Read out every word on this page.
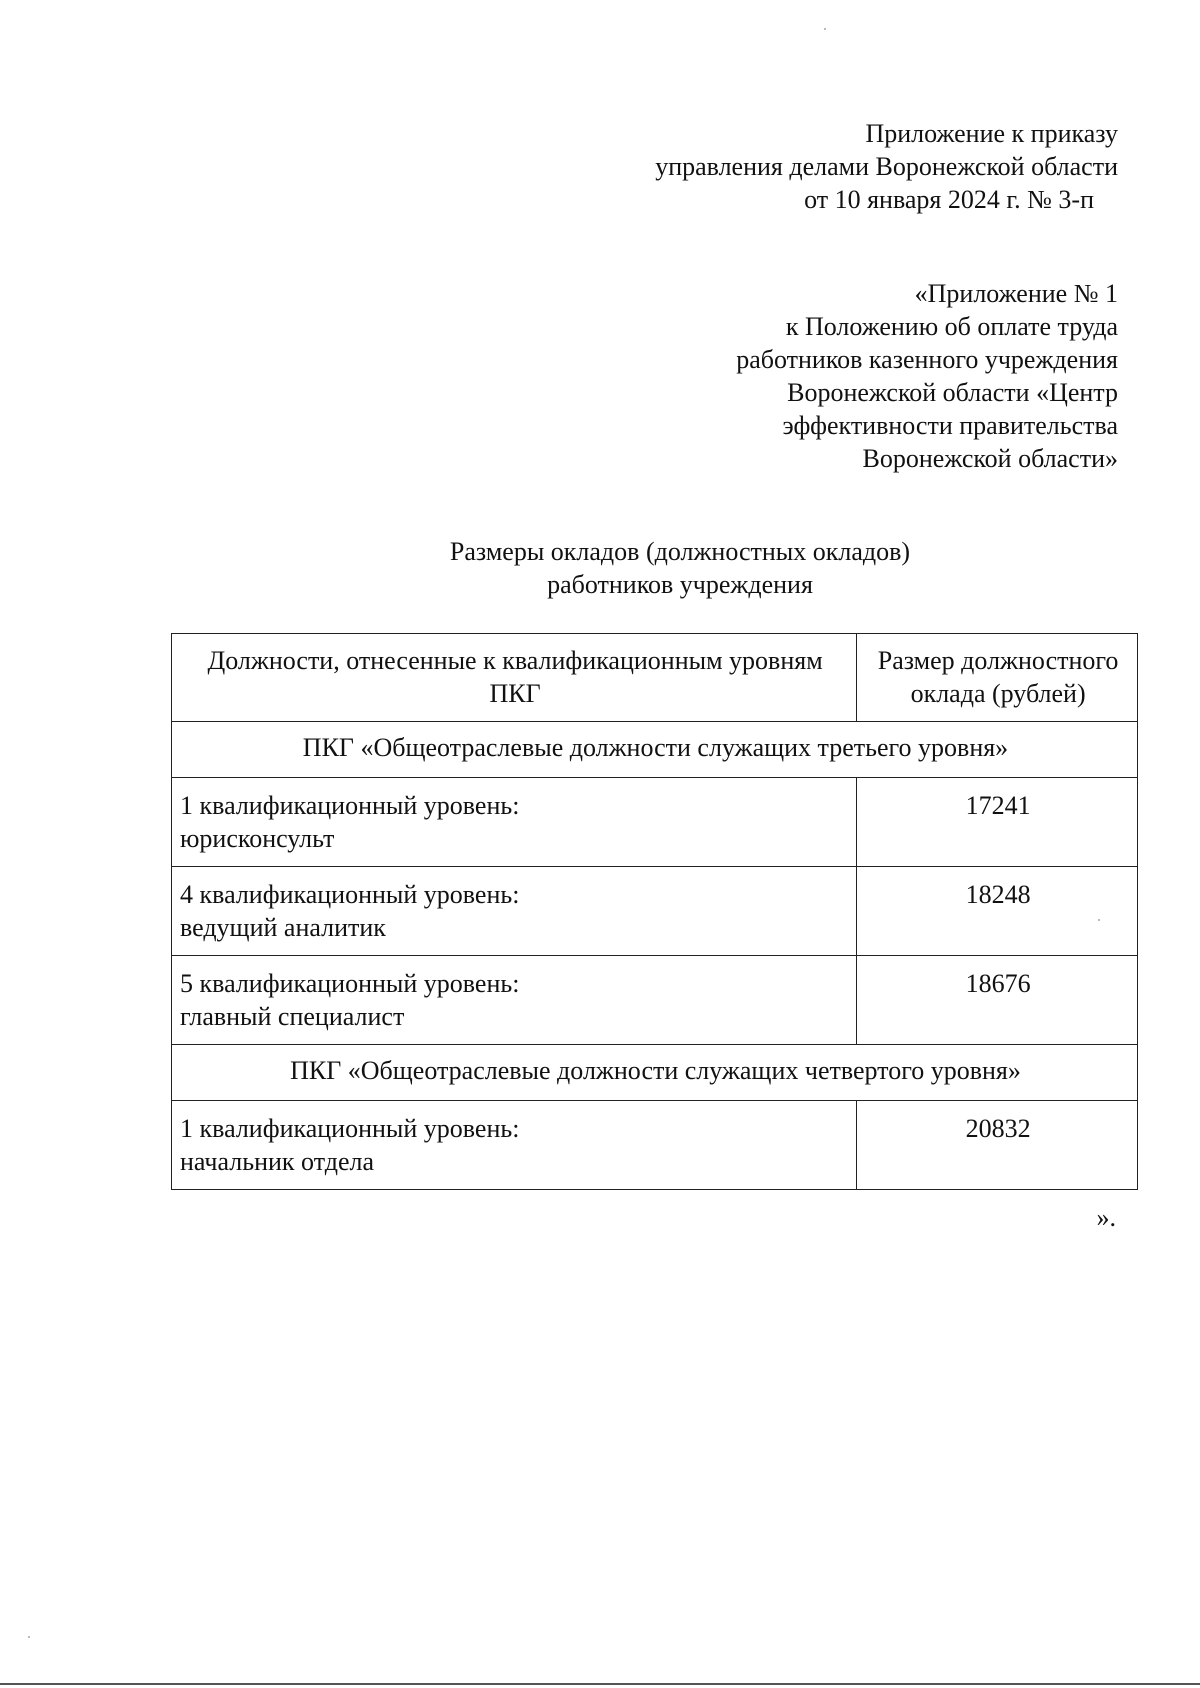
Приложение к приказу
управления делами Воронежской области
от 10 января 2024 г. № 3-п
«Приложение № 1
к Положению об оплате труда
работников казенного учреждения
Воронежской области «Центр
эффективности правительства
Воронежской области»
Размеры окладов (должностных окладов)
работников учреждения
Должности, отнесенные к квалификационным уровням ПКГ	Размер должностного оклада (рублей)
ПКГ «Общеотраслевые должности служащих третьего уровня»	

1 квалификационный уровень:
юрисконсульт	17241

4 квалификационный уровень:
ведущий аналитик	18248

5 квалификационный уровень:
главный специалист	18676
ПКГ «Общеотраслевые должности служащих четвертого уровня»	

1 квалификационный уровень:
начальник отдела	20832
».
